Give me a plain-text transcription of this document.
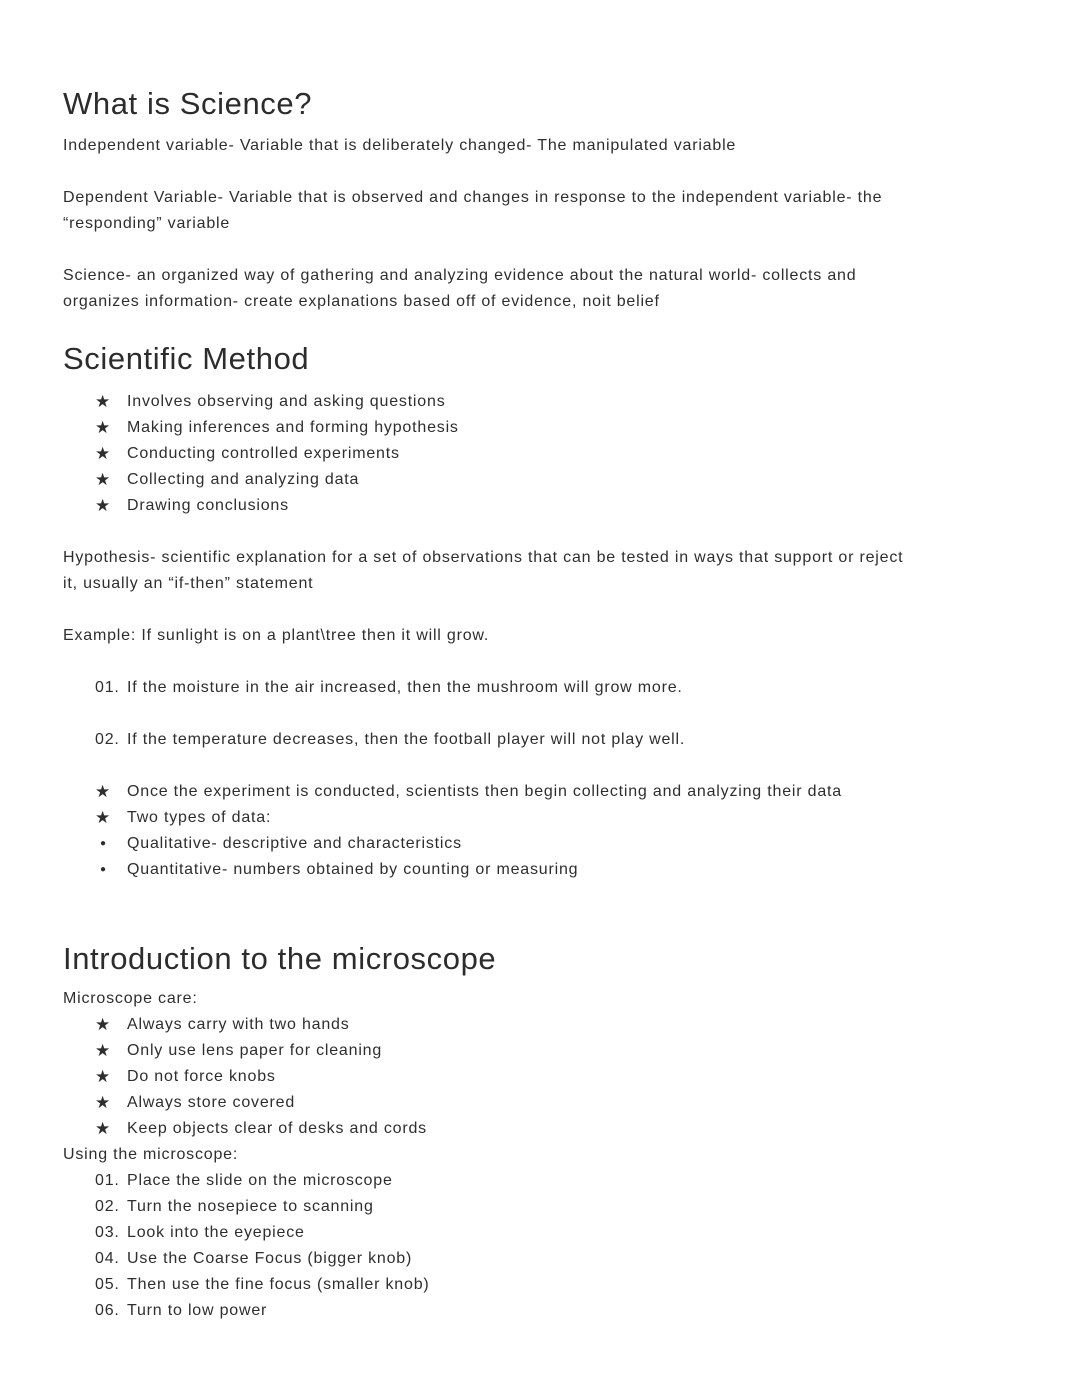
What is Science?

Independent variable- Variable that is deliberately changed- The manipulated variable

Dependent Variable- Variable that is observed and changes in response to the independent variable- the
“responding” variable

Science- an organized way of gathering and analyzing evidence about the natural world- collects and
organizes information- create explanations based off of evidence, noit belief

Scientific Method
★	Involves observing and asking questions
★	Making inferences and forming hypothesis
★	Conducting controlled experiments
★	Collecting and analyzing data
★	Drawing conclusions

Hypothesis- scientific explanation for a set of observations that can be tested in ways that support or reject
it, usually an “if-then” statement

Example: If sunlight is on a plant\tree then it will grow.

01. If the moisture in the air increased, then the mushroom will grow more.
02. If the temperature decreases, then the football player will not play well.
★	Once the experiment is conducted, scientists then begin collecting and analyzing their data
★	Two types of data:
●	Qualitative- descriptive and characteristics
●	Quantitative- numbers obtained by counting or measuring
Introduction to the microscope

Microscope care:

★	Always carry with two hands
★	Only use lens paper for cleaning
★	Do not force knobs
★	Always store covered
★	Keep objects clear of desks and cords

Using the microscope:

01. Place the slide on the microscope
02. Turn the nosepiece to scanning
03. Look into the eyepiece
04. Use the Coarse Focus (bigger knob)
05. Then use the fine focus (smaller knob)
06. Turn to low power
